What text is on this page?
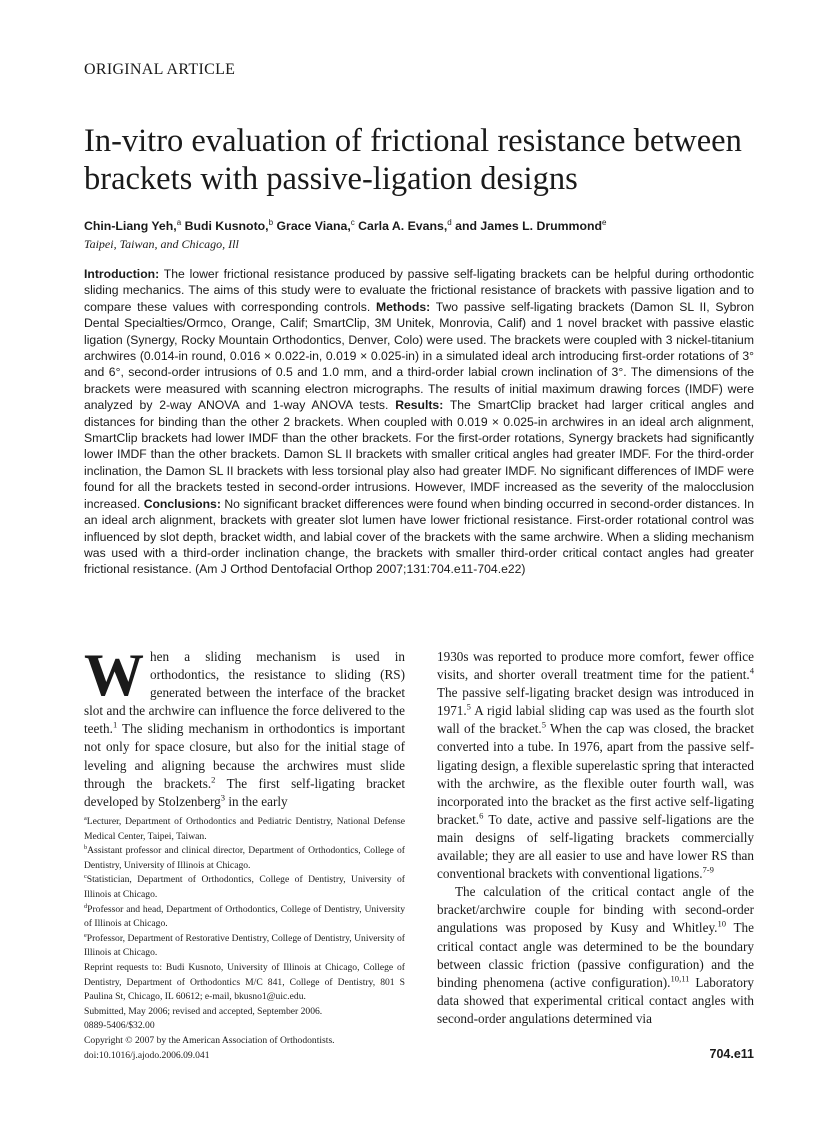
ORIGINAL ARTICLE
In-vitro evaluation of frictional resistance between brackets with passive-ligation designs
Chin-Liang Yeh,$^a$ Budi Kusnoto,$^b$ Grace Viana,$^c$ Carla A. Evans,$^d$ and James L. Drummond$^e$
Taipei, Taiwan, and Chicago, Ill
Introduction: The lower frictional resistance produced by passive self-ligating brackets can be helpful during orthodontic sliding mechanics. The aims of this study were to evaluate the frictional resistance of brackets with passive ligation and to compare these values with corresponding controls. Methods: Two passive self-ligating brackets (Damon SL II, Sybron Dental Specialties/Ormco, Orange, Calif; SmartClip, 3M Unitek, Monrovia, Calif) and 1 novel bracket with passive elastic ligation (Synergy, Rocky Mountain Orthodontics, Denver, Colo) were used. The brackets were coupled with 3 nickel-titanium archwires (0.014-in round, 0.016 × 0.022-in, 0.019 × 0.025-in) in a simulated ideal arch introducing first-order rotations of 3° and 6°, second-order intrusions of 0.5 and 1.0 mm, and a third-order labial crown inclination of 3°. The dimensions of the brackets were measured with scanning electron micrographs. The results of initial maximum drawing forces (IMDF) were analyzed by 2-way ANOVA and 1-way ANOVA tests. Results: The SmartClip bracket had larger critical angles and distances for binding than the other 2 brackets. When coupled with 0.019 × 0.025-in archwires in an ideal arch alignment, SmartClip brackets had lower IMDF than the other brackets. For the first-order rotations, Synergy brackets had significantly lower IMDF than the other brackets. Damon SL II brackets with smaller critical angles had greater IMDF. For the third-order inclination, the Damon SL II brackets with less torsional play also had greater IMDF. No significant differences of IMDF were found for all the brackets tested in second-order intrusions. However, IMDF increased as the severity of the malocclusion increased. Conclusions: No significant bracket differences were found when binding occurred in second-order distances. In an ideal arch alignment, brackets with greater slot lumen have lower frictional resistance. First-order rotational control was influenced by slot depth, bracket width, and labial cover of the brackets with the same archwire. When a sliding mechanism was used with a third-order inclination change, the brackets with smaller third-order critical contact angles had greater frictional resistance. (Am J Orthod Dentofacial Orthop 2007;131:704.e11-704.e22)
W hen a sliding mechanism is used in orthodontics, the resistance to sliding (RS) generated between the interface of the bracket slot and the archwire can influence the force delivered to the teeth.$^1$ The sliding mechanism in orthodontics is important not only for space closure, but also for the initial stage of leveling and aligning because the archwires must slide through the brackets.$^2$ The first self-ligating bracket developed by Stolzenberg$^3$ in the early

1930s was reported to produce more comfort, fewer office visits, and shorter overall treatment time for the patient.$^4$ The passive self-ligating bracket design was introduced in 1971.$^5$ A rigid labial sliding cap was used as the fourth slot wall of the bracket.$^5$ When the cap was closed, the bracket converted into a tube. In 1976, apart from the passive self-ligating design, a flexible superelastic spring that interacted with the archwire, as the flexible outer fourth wall, was incorporated into the bracket as the first active self-ligating bracket.$^6$ To date, active and passive self-ligations are the main designs of self-ligating brackets commercially available; they are all easier to use and have lower RS than conventional brackets with conventional ligations.$^{7-9}$

The calculation of the critical contact angle of the bracket/archwire couple for binding with second-order angulations was proposed by Kusy and Whitley.$^{10}$ The critical contact angle was determined to be the boundary between classic friction (passive configuration) and the binding phenomena (active configuration).$^{10,11}$ Laboratory data showed that experimental critical contact angles with second-order angulations determined via

$^a$Lecturer, Department of Orthodontics and Pediatric Dentistry, National Defense Medical Center, Taipei, Taiwan.

$^b$Assistant professor and clinical director, Department of Orthodontics, College of Dentistry, University of Illinois at Chicago.

$^c$Statistician, Department of Orthodontics, College of Dentistry, University of Illinois at Chicago.

$^d$Professor and head, Department of Orthodontics, College of Dentistry, University of Illinois at Chicago.

$^e$Professor, Department of Restorative Dentistry, College of Dentistry, University of Illinois at Chicago.

Reprint requests to: Budi Kusnoto, University of Illinois at Chicago, College of Dentistry, Department of Orthodontics M/C 841, College of Dentistry, 801 S Paulina St, Chicago, IL 60612; e-mail, bkusno1@uic.edu.

Submitted, May 2006; revised and accepted, September 2006.

0889-5406/$32.00

Copyright © 2007 by the American Association of Orthodontists.

doi:10.1016/j.ajodo.2006.09.041	704.e11
